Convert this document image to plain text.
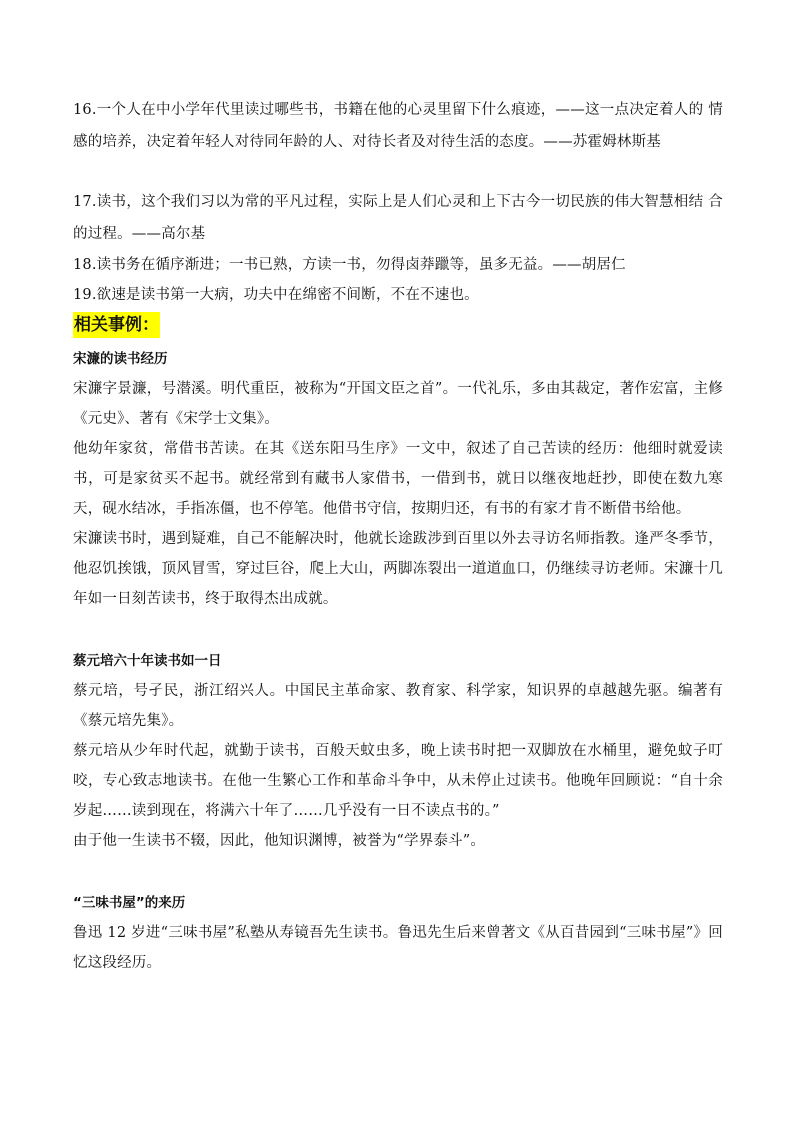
16.一个人在中小学年代里读过哪些书，书籍在他的心灵里留下什么痕迹，——这一点决定着人的 情感的培养，决定着年轻人对待同年龄的人、对待长者及对待生活的态度。——苏霍姆林斯基

17.读书，这个我们习以为常的平凡过程，实际上是人们心灵和上下古今一切民族的伟大智慧相结 合的过程。——高尔基

18.读书务在循序渐进；一书已熟，方读一书，勿得卤莽躐等，虽多无益。——胡居仁

19.欲速是读书第一大病，功夫中在绵密不间断，不在不速也。

相关事例：

宋濂的读书经历

宋濂字景濂，号潜溪。明代重臣，被称为“开国文臣之首”。一代礼乐，多由其裁定，著作宏富，主修《元史》、著有《宋学士文集》。

他幼年家贫，常借书苦读。在其《送东阳马生序》一文中，叙述了自己苦读的经历：他细时就爱读书，可是家贫买不起书。就经常到有藏书人家借书，一借到书，就日以继夜地赶抄，即使在数九寒天，砚水结冰，手指冻僵，也不停笔。他借书守信，按期归还，有书的有家才肯不断借书给他。

宋濂读书时，遇到疑难，自己不能解决时，他就长途跋涉到百里以外去寻访名师指教。逢严冬季节，他忍饥挨饿，顶风冒雪，穿过巨谷，爬上大山，两脚冻裂出一道道血口，仍继续寻访老师。宋濂十几年如一日刻苦读书，终于取得杰出成就。

蔡元培六十年读书如一日

蔡元培，号孑民，浙江绍兴人。中国民主革命家、教育家、科学家，知识界的卓越越先驱。编著有《蔡元培先集》。

蔡元培从少年时代起，就勤于读书，百般天蚊虫多，晚上读书时把一双脚放在水桶里，避免蚊子叮咬，专心致志地读书。在他一生繁心工作和革命斗争中，从未停止过读书。他晚年回顾说：“自十余岁起……读到现在，将满六十年了……几乎没有一日不读点书的。”

由于他一生读书不辍，因此，他知识渊博，被誉为“学界泰斗”。

“三味书屋”的来历

鲁迅 12 岁进“三味书屋”私塾从寿镜吾先生读书。鲁迅先生后来曾著文《从百昔园到“三味书屋”》回忆这段经历。
